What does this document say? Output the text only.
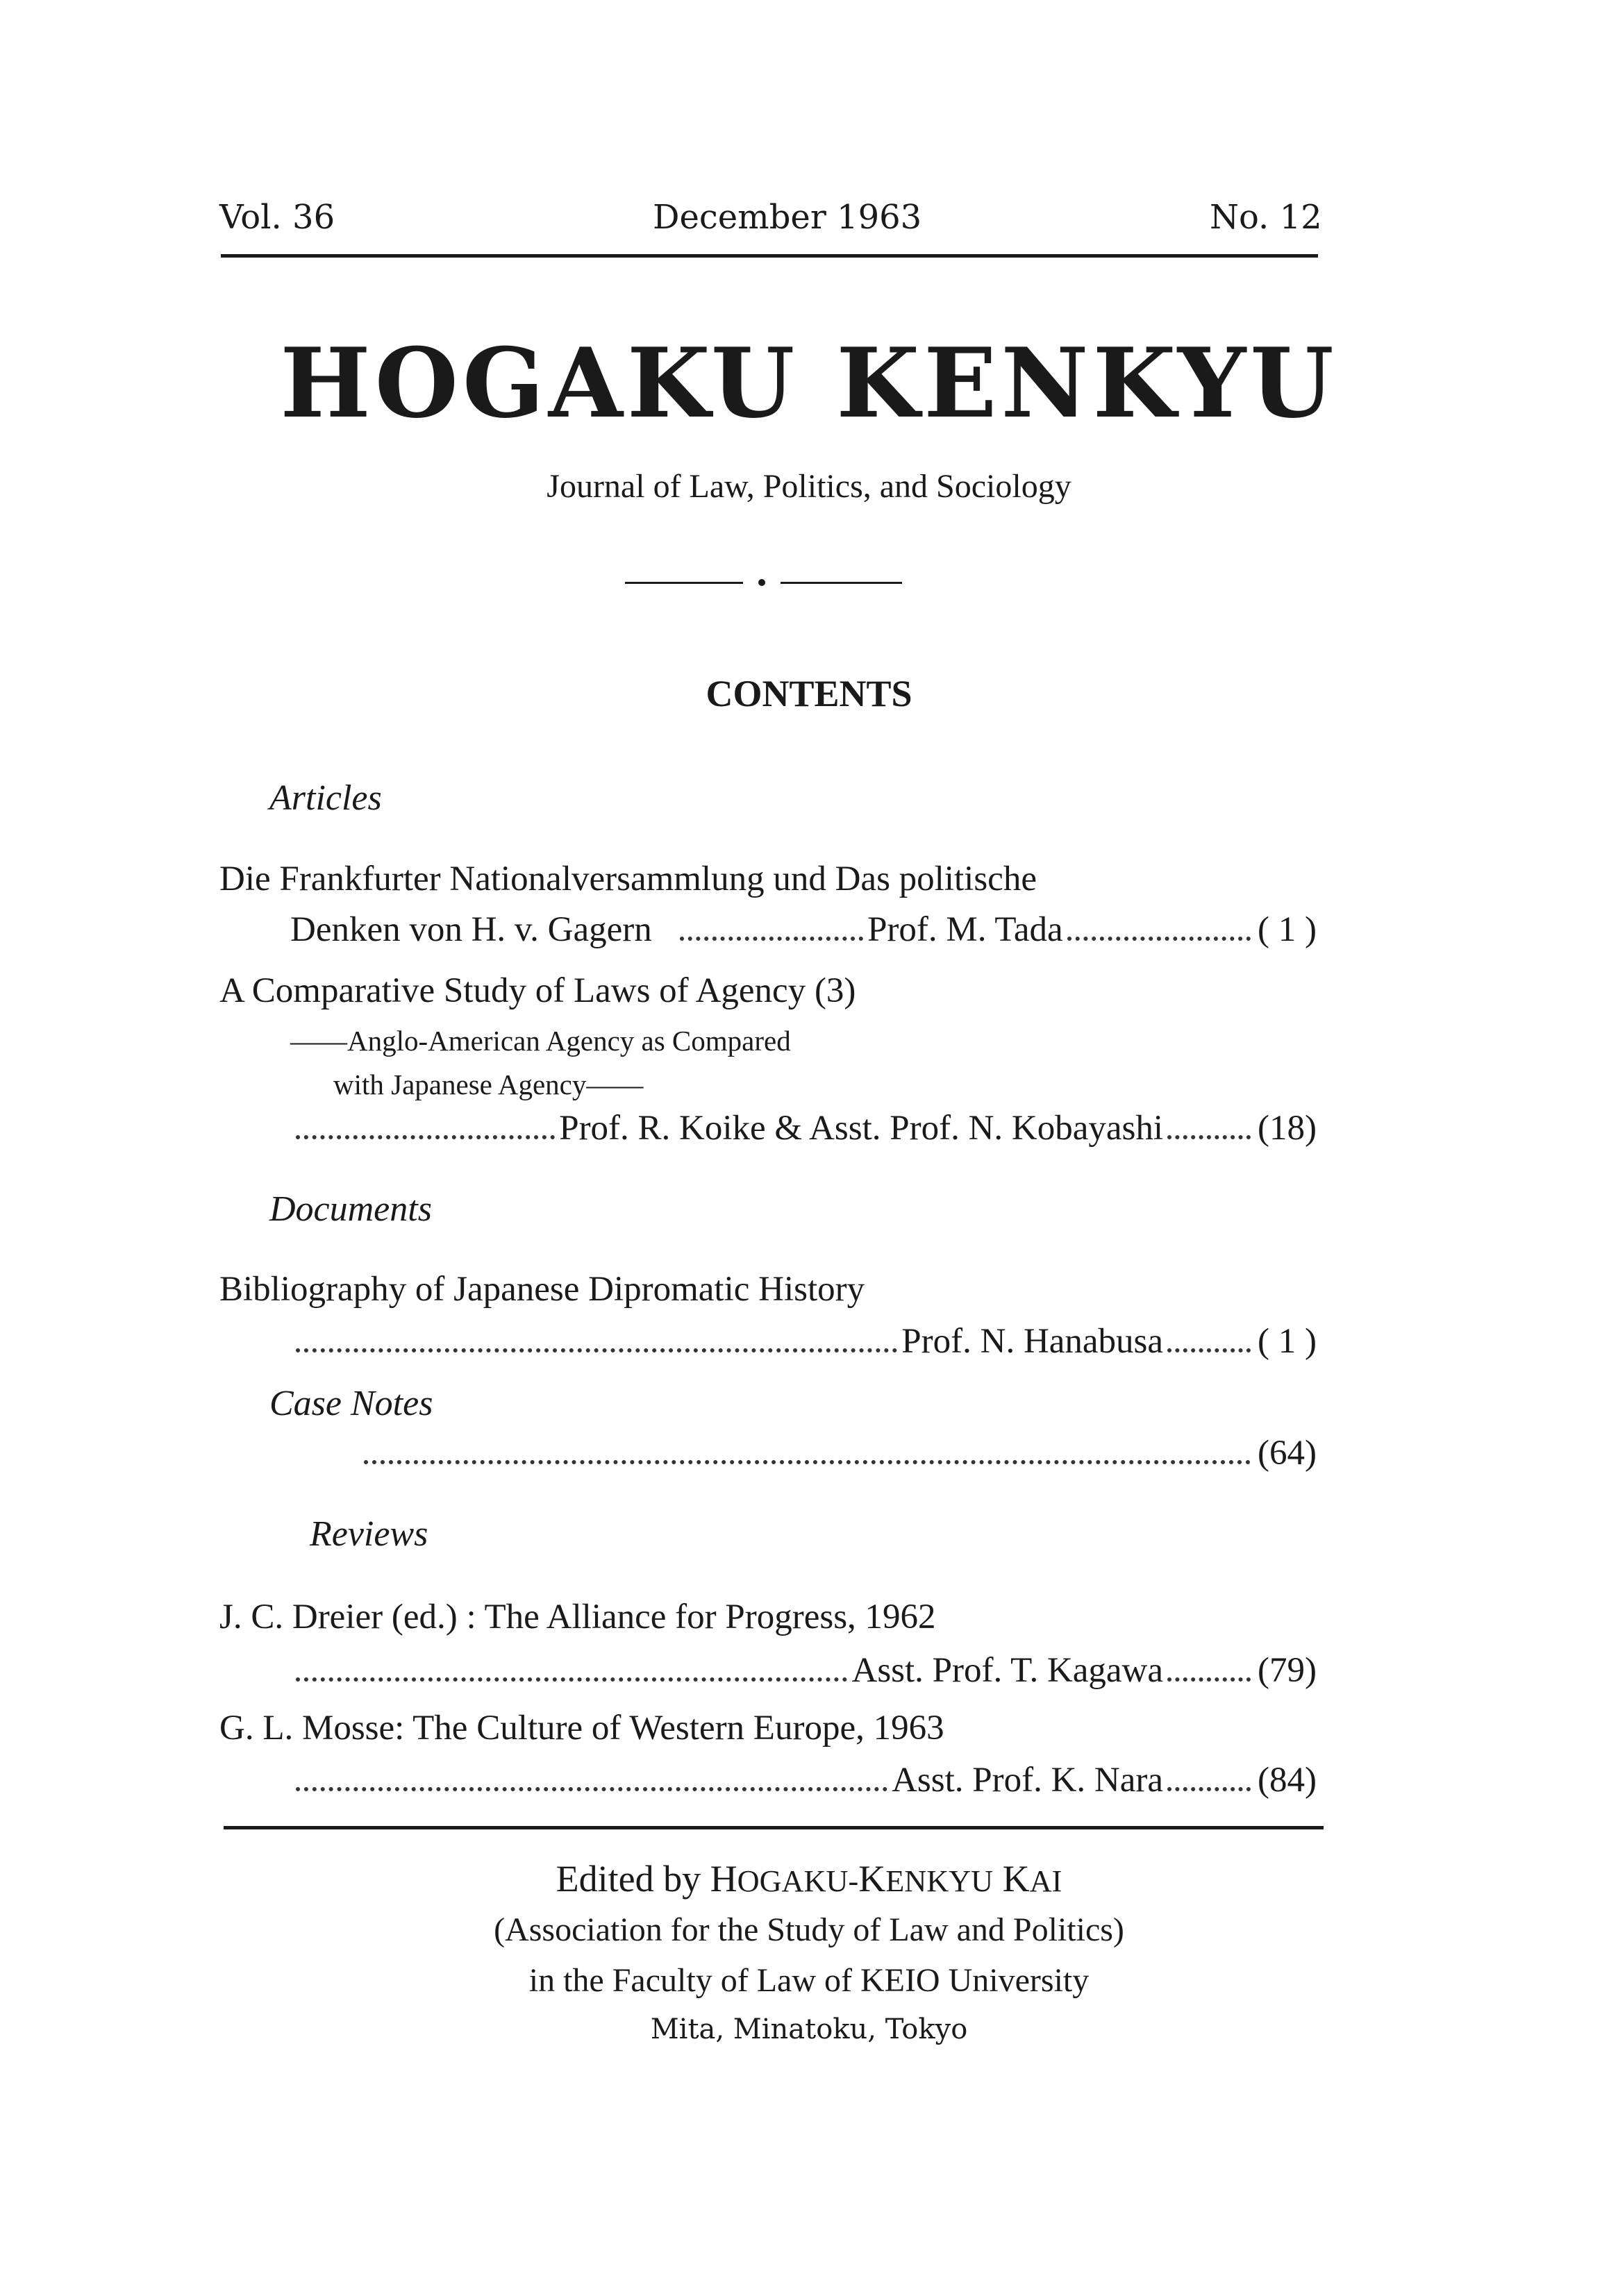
Vol. 36	December 1963	No. 12
HOGAKU KENKYU
Journal of Law, Politics, and Sociology
CONTENTS
Articles
Die Frankfurter Nationalversammlung und Das politische
Denken von H. v. Gagern	Prof. M. Tada	( 1 )
A Comparative Study of Laws of Agency (3)
——Anglo-American Agency as Compared
with Japanese Agency——
Prof. R. Koike & Asst. Prof. N. Kobayashi	(18)
Documents
Bibliography of Japanese Dipromatic History
Prof. N. Hanabusa	( 1 )
Case Notes
(64)
Reviews
J. C. Dreier (ed.) : The Alliance for Progress, 1962
Asst. Prof. T. Kagawa	(79)
G. L. Mosse: The Culture of Western Europe, 1963
Asst. Prof. K. Nara	(84)
Edited by HOGAKU-KENKYU KAI
(Association for the Study of Law and Politics)
in the Faculty of Law of KEIO University
Mita, Minatoku, Tokyo
